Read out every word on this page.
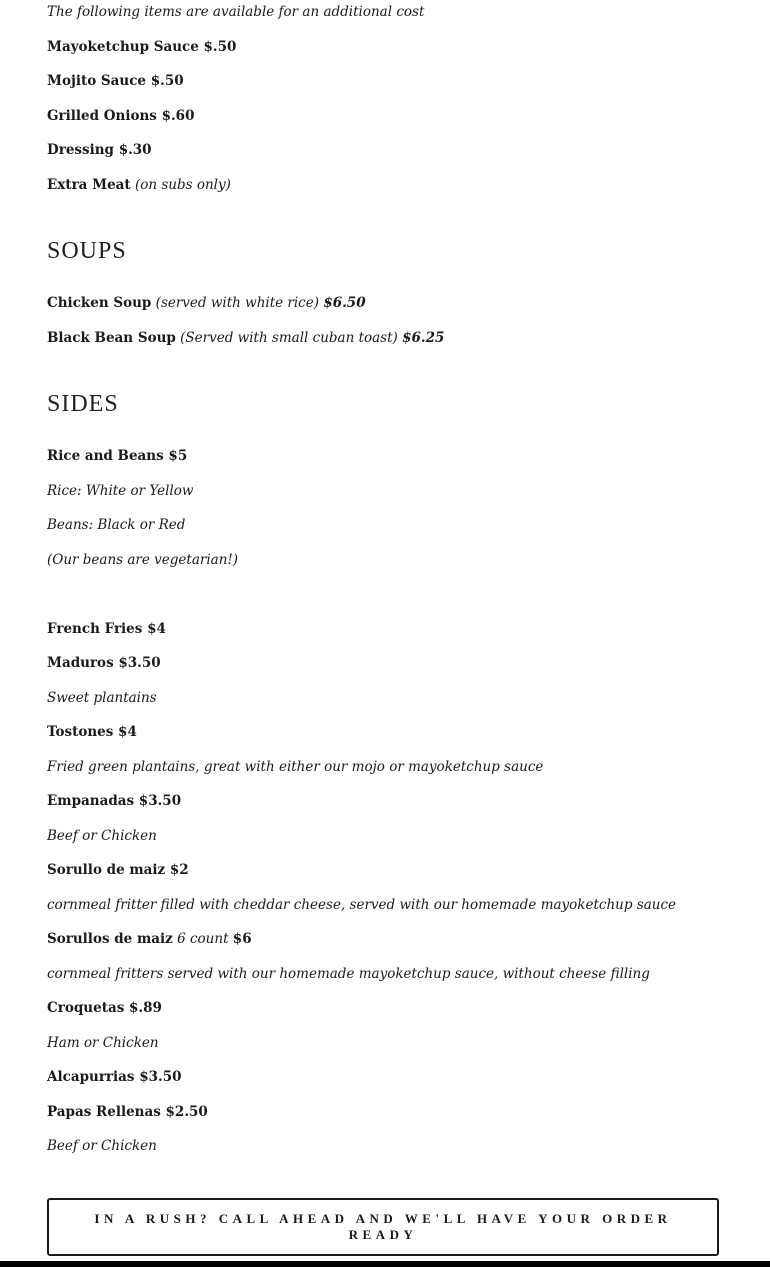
The following items are available for an additional cost

Mayoketchup Sauce $.50

Mojito Sauce $.50

Grilled Onions $.60

Dressing $.30

Extra Meat (on subs only)

SOUPS

Chicken Soup (served with white rice) $6.50

Black Bean Soup (Served with small cuban toast) $6.25

SIDES

Rice and Beans $5

Rice: White or Yellow

Beans: Black or Red

(Our beans are vegetarian!)

French Fries $4

Maduros $3.50

Sweet plantains

Tostones $4

Fried green plantains, great with either our mojo or mayoketchup sauce

Empanadas $3.50

Beef or Chicken

Sorullo de maiz $2

cornmeal fritter filled with cheddar cheese, served with our homemade mayoketchup sauce

Sorullos de maiz 6 count $6

cornmeal fritters served with our homemade mayoketchup sauce, without cheese filling

Croquetas $.89

Ham or Chicken

Alcapurrias $3.50

Papas Rellenas $2.50

Beef or Chicken

IN A RUSH? CALL AHEAD AND WE'LL HAVE YOUR ORDER READY
